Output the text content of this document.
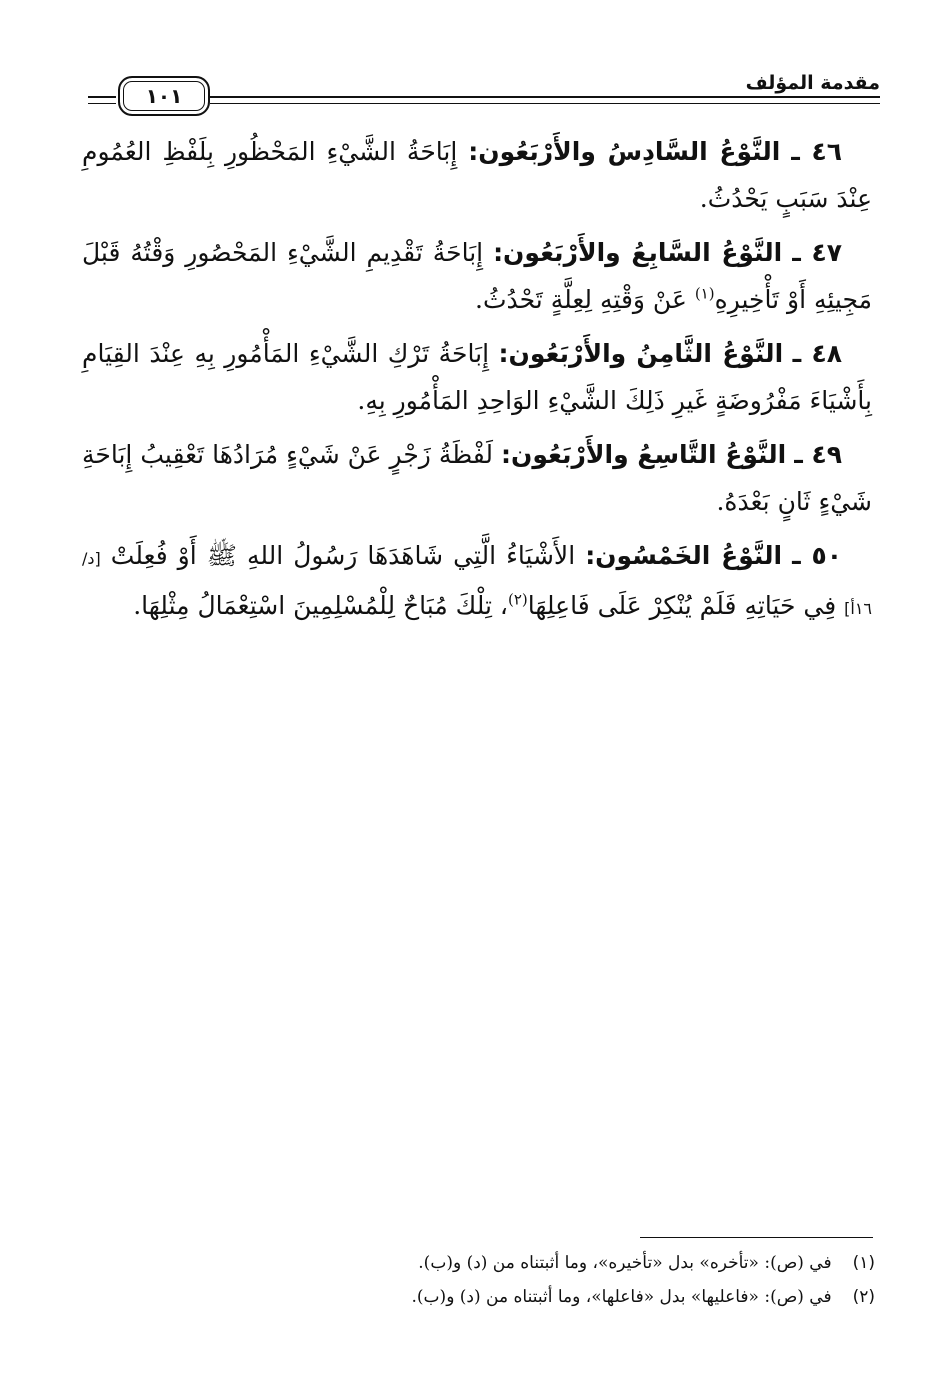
مقدمة المؤلف
١٠١

٤٦ ـ النَّوْعُ السَّادِسُ والأَرْبَعُون: إِبَاحَةُ الشَّيْءِ المَحْظُورِ بِلَفْظِ العُمُومِ عِنْدَ سَبَبٍ يَحْدُثُ.

٤٧ ـ النَّوْعُ السَّابِعُ والأَرْبَعُون: إِبَاحَةُ تَقْدِيمِ الشَّيْءِ المَحْصُورِ وَقْتُهُ قَبْلَ مَجِيئِهِ أَوْ تَأْخِيرِهِ$^{(١)}$ عَنْ وَقْتِهِ لِعِلَّةٍ تَحْدُثُ.

٤٨ ـ النَّوْعُ الثَّامِنُ والأَرْبَعُون: إِبَاحَةُ تَرْكِ الشَّيْءِ المَأْمُورِ بِهِ عِنْدَ القِيَامِ بِأَشْيَاءَ مَفْرُوضَةٍ غَيرِ ذَلِكَ الشَّيْءِ الوَاحِدِ المَأْمُورِ بِهِ.

٤٩ ـ النَّوْعُ التَّاسِعُ والأَرْبَعُون: لَفْظَةُ زَجْرٍ عَنْ شَيْءٍ مُرَادُهَا تَعْقِيبُ إِبَاحَةِ شَيْءٍ ثَانٍ بَعْدَهُ.

٥٠ ـ النَّوْعُ الخَمْسُون: الأَشْيَاءُ الَّتِي شَاهَدَهَا رَسُولُ اللهِ ﷺ أَوْ فُعِلَتْ [د/١٦أ] فِي حَيَاتِهِ فَلَمْ يُنْكِرْ عَلَى فَاعِلِهَا$^{(٢)}$، تِلْكَ مُبَاحٌ لِلْمُسْلِمِينَ اسْتِعْمَالُ مِثْلِهَا.

(١) في (ص): «تأخره» بدل «تأخيره»، وما أثبتناه من (د) و(ب).
(٢) في (ص): «فاعليها» بدل «فاعلها»، وما أثبتناه من (د) و(ب).
